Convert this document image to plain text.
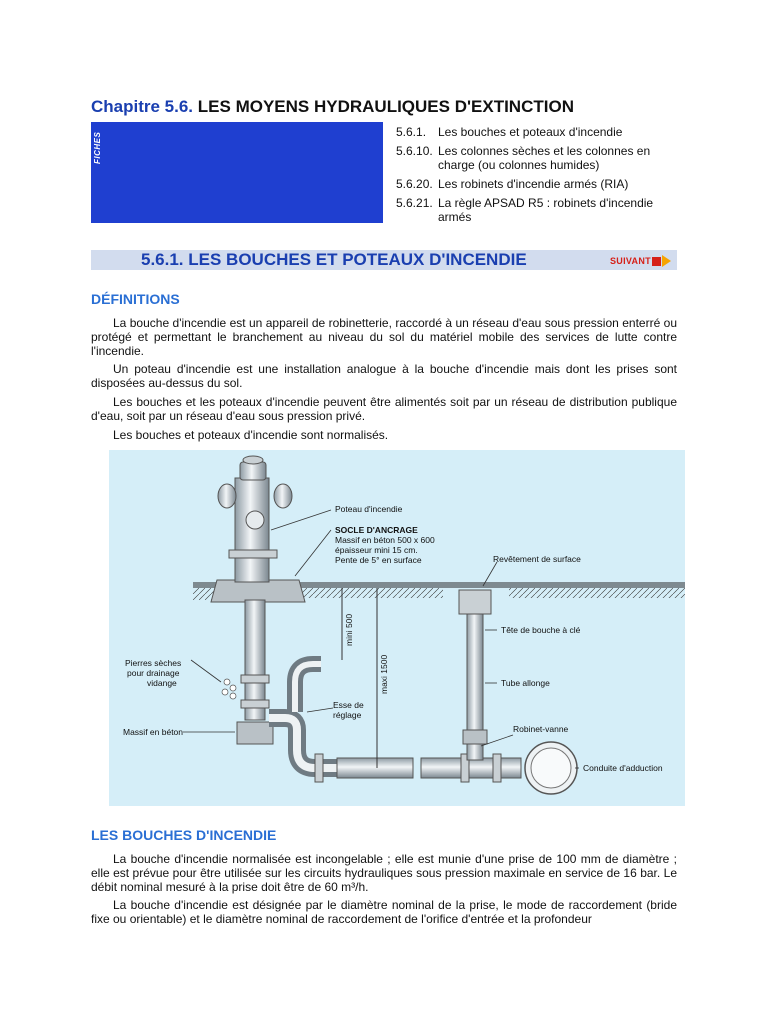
Chapitre 5.6. LES MOYENS HYDRAULIQUES D'EXTINCTION
FICHES	5.6.1. Les bouches et poteaux d'incendie
5.6.10. Les colonnes sèches et les colonnes en charge (ou colonnes humides)
5.6.20. Les robinets d'incendie armés (RIA)
5.6.21. La règle APSAD R5 : robinets d'incendie armés
5.6.1. LES BOUCHES ET POTEAUX D'INCENDIE	SUIVANT
DÉFINITIONS
La bouche d'incendie est un appareil de robinetterie, raccordé à un réseau d'eau sous pression enterré ou protégé et permettant le branchement au niveau du sol du matériel mobile des services de lutte contre l'incendie.
Un poteau d'incendie est une installation analogue à la bouche d'incendie mais dont les prises sont disposées au-dessus du sol.
Les bouches et les poteaux d'incendie peuvent être alimentés soit par un réseau de distribution publique d'eau, soit par un réseau d'eau sous pression privé.
Les bouches et poteaux d'incendie sont normalisés.
Poteau d'incendie
SOCLE D'ANCRAGE
Massif en béton 500 x 600
épaisseur mini 15 cm.
Pente de 5° en surface	Revêtement de surface
Tête de bouche à clé
Tube allonge
Robinet-vanne
Conduite d'adduction
Pierres sèches
pour drainage
vidange
Massif en béton
Esse de
réglage
mini 500
maxi 1500
LES BOUCHES D'INCENDIE
La bouche d'incendie normalisée est incongelable ; elle est munie d'une prise de 100 mm de diamètre ; elle est prévue pour être utilisée sur les circuits hydrauliques sous pression maximale en service de 16 bar. Le débit nominal mesuré à la prise doit être de 60 m³/h.
La bouche d'incendie est désignée par le diamètre nominal de la prise, le mode de raccordement (bride fixe ou orientable) et le diamètre nominal de raccordement de l'orifice d'entrée et la profondeur
